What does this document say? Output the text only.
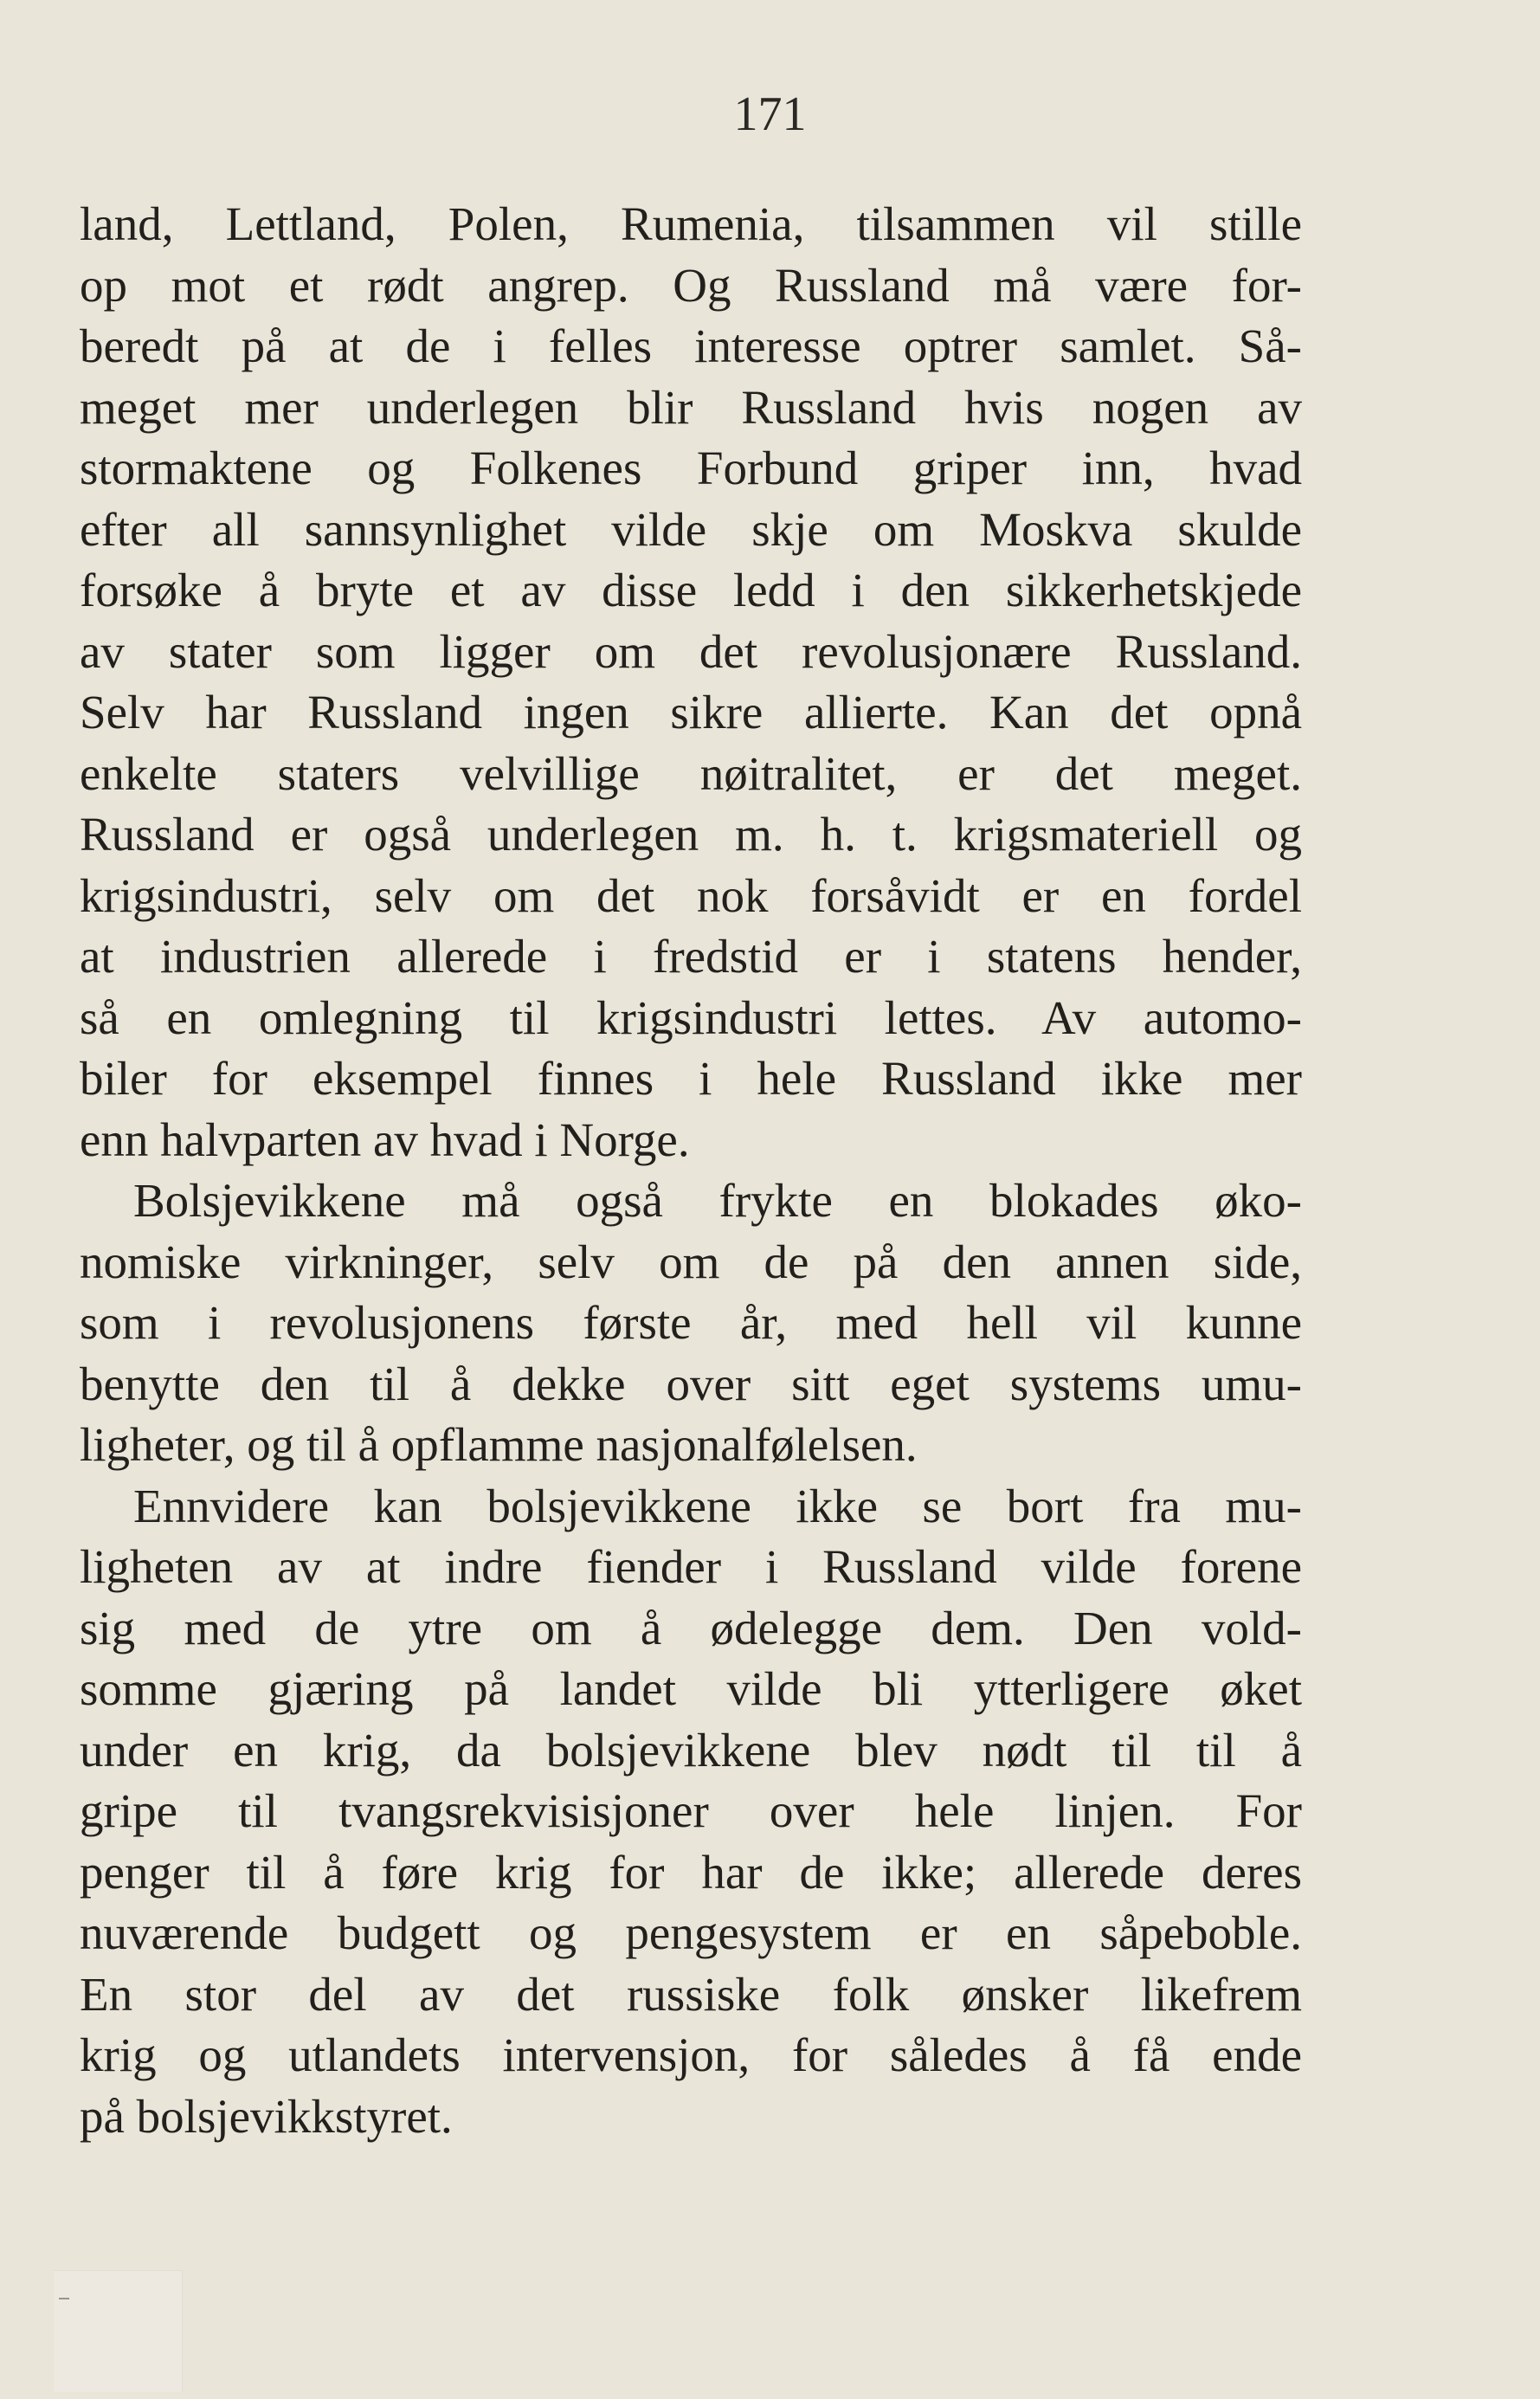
171
land, Lettland, Polen, Rumenia, tilsammen vil stille
op mot et rødt angrep. Og Russland må være for-
beredt på at de i felles interesse optrer samlet. Så-
meget mer underlegen blir Russland hvis nogen av
stormaktene og Folkenes Forbund griper inn, hvad
efter all sannsynlighet vilde skje om Moskva skulde
forsøke å bryte et av disse ledd i den sikkerhetskjede
av stater som ligger om det revolusjonære Russland.
Selv har Russland ingen sikre allierte. Kan det opnå
enkelte staters velvillige nøitralitet, er det meget.
Russland er også underlegen m. h. t. krigsmateriell og
krigsindustri, selv om det nok forsåvidt er en fordel
at industrien allerede i fredstid er i statens hender,
så en omlegning til krigsindustri lettes. Av automo-
biler for eksempel finnes i hele Russland ikke mer
enn halvparten av hvad i Norge.
Bolsjevikkene må også frykte en blokades øko-
nomiske virkninger, selv om de på den annen side,
som i revolusjonens første år, med hell vil kunne
benytte den til å dekke over sitt eget systems umu-
ligheter, og til å opflamme nasjonalfølelsen.
Ennvidere kan bolsjevikkene ikke se bort fra mu-
ligheten av at indre fiender i Russland vilde forene
sig med de ytre om å ødelegge dem. Den vold-
somme gjæring på landet vilde bli ytterligere øket
under en krig, da bolsjevikkene blev nødt til til å
gripe til tvangsrekvisisjoner over hele linjen. For
penger til å føre krig for har de ikke; allerede deres
nuværende budgett og pengesystem er en såpeboble.
En stor del av det russiske folk ønsker likefrem
krig og utlandets intervensjon, for således å få ende
på bolsjevikkstyret.
